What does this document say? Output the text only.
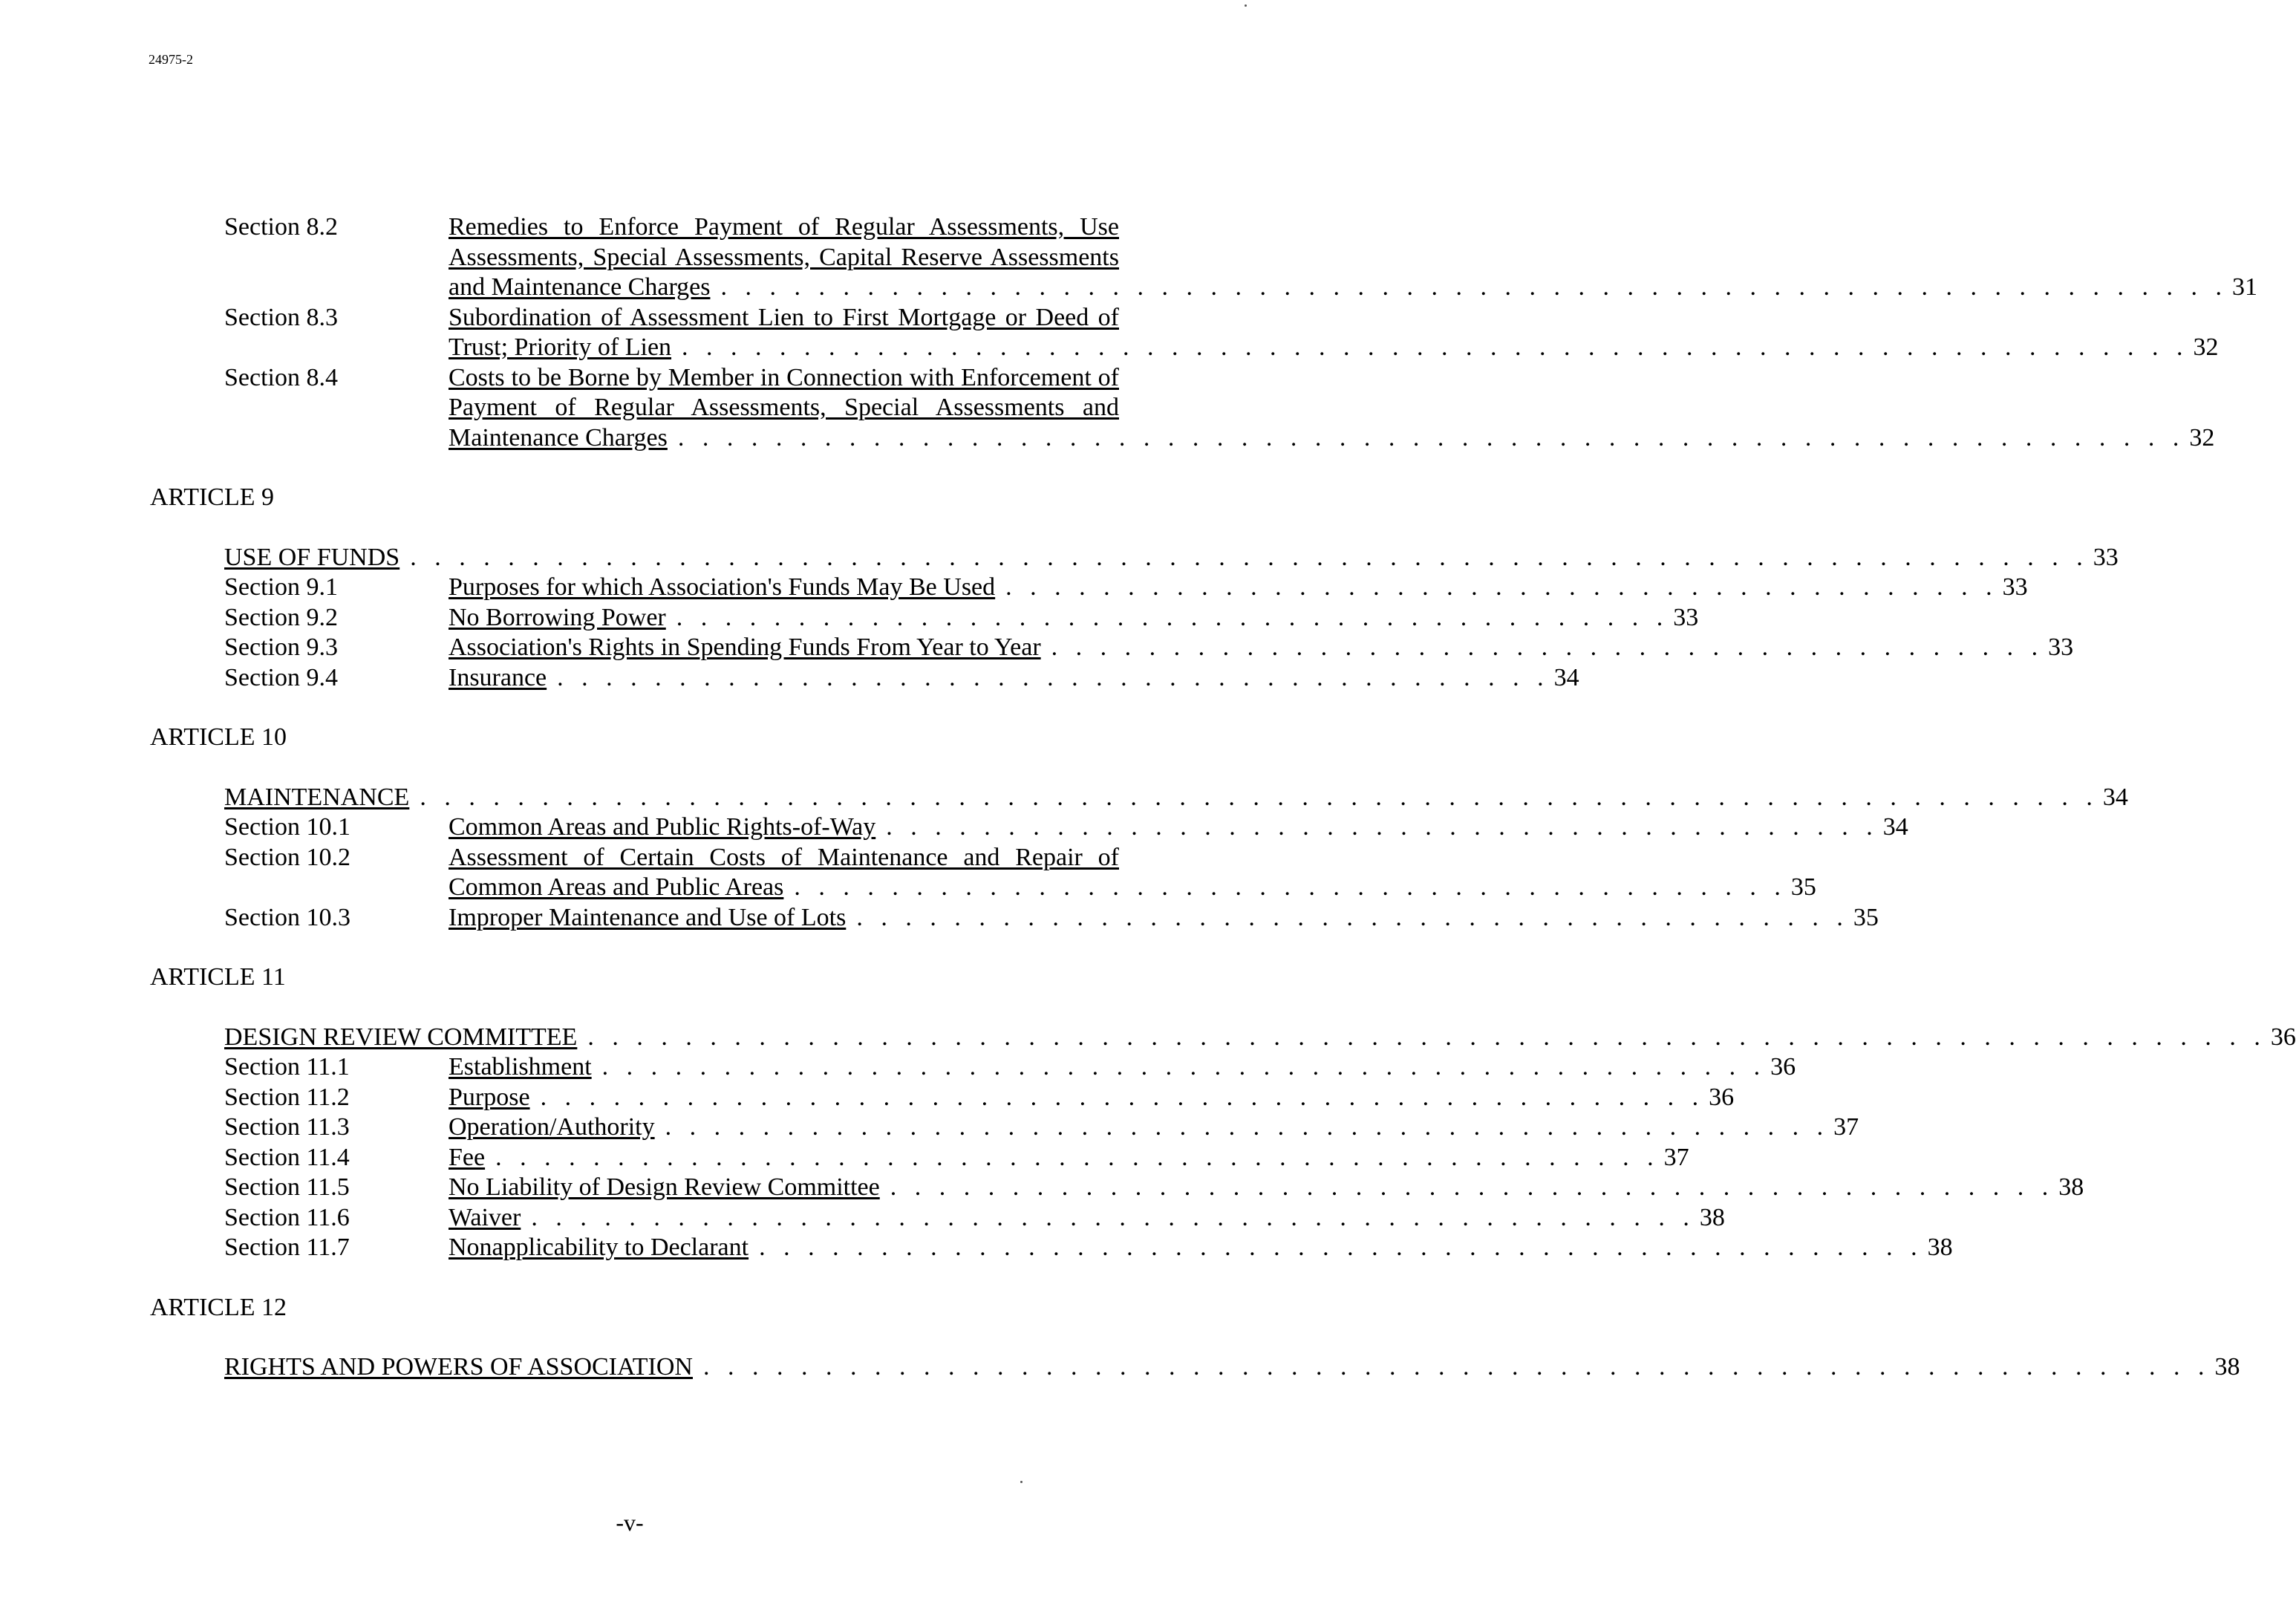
24975-2
Section 8.2	Remedies to Enforce Payment of Regular Assessments, Use
Assessments, Special Assessments, Capital Reserve Assessments
and Maintenance Charges . . . . . . . . . . . . . . . . . . . . . . . . . . . . . . . . . . . . . . . . . . . . . . . . . . . . . . . . . . . . . . 31
Section 8.3	Subordination of Assessment Lien to First Mortgage or Deed of
Trust; Priority of Lien . . . . . . . . . . . . . . . . . . . . . . . . . . . . . . . . . . . . . . . . . . . . . . . . . . . . . . . . . . . . . . 32
Section 8.4	Costs to be Borne by Member in Connection with Enforcement of
Payment of Regular Assessments, Special Assessments and
Maintenance Charges . . . . . . . . . . . . . . . . . . . . . . . . . . . . . . . . . . . . . . . . . . . . . . . . . . . . . . . . . . . . . . 32
ARTICLE 9
USE OF FUNDS . . . . . . . . . . . . . . . . . . . . . . . . . . . . . . . . . . . . . . . . . . . . . . . . . . . . . . . . . . . . . . . . . . . . . 33
Section 9.1	Purposes for which Association's Funds May Be Used . . . . . . . . . . . . . . . . . . . . . . . . . . . . . . . . . . . . . . . . . 33
Section 9.2	No Borrowing Power . . . . . . . . . . . . . . . . . . . . . . . . . . . . . . . . . . . . . . . . . 33
Section 9.3	Association's Rights in Spending Funds From Year to Year . . . . . . . . . . . . . . . . . . . . . . . . . . . . . . . . . . . . . . . . . 33
Section 9.4	Insurance . . . . . . . . . . . . . . . . . . . . . . . . . . . . . . . . . . . . . . . . . 34
ARTICLE 10
MAINTENANCE . . . . . . . . . . . . . . . . . . . . . . . . . . . . . . . . . . . . . . . . . . . . . . . . . . . . . . . . . . . . . . . . . . . . . 34
Section 10.1	Common Areas and Public Rights-of-Way . . . . . . . . . . . . . . . . . . . . . . . . . . . . . . . . . . . . . . . . . 34
Section 10.2	Assessment of Certain Costs of Maintenance and Repair of
Common Areas and Public Areas . . . . . . . . . . . . . . . . . . . . . . . . . . . . . . . . . . . . . . . . . 35
Section 10.3	Improper Maintenance and Use of Lots . . . . . . . . . . . . . . . . . . . . . . . . . . . . . . . . . . . . . . . . . 35
ARTICLE 11
DESIGN REVIEW COMMITTEE . . . . . . . . . . . . . . . . . . . . . . . . . . . . . . . . . . . . . . . . . . . . . . . . . . . . . . . . . . . . . . . . . . . . . 36
Section 11.1	Establishment . . . . . . . . . . . . . . . . . . . . . . . . . . . . . . . . . . . . . . . . . . . . . . . . 36
Section 11.2	Purpose . . . . . . . . . . . . . . . . . . . . . . . . . . . . . . . . . . . . . . . . . . . . . . . . 36
Section 11.3	Operation/Authority . . . . . . . . . . . . . . . . . . . . . . . . . . . . . . . . . . . . . . . . . . . . . . . . 37
Section 11.4	Fee . . . . . . . . . . . . . . . . . . . . . . . . . . . . . . . . . . . . . . . . . . . . . . . . 37
Section 11.5	No Liability of Design Review Committee . . . . . . . . . . . . . . . . . . . . . . . . . . . . . . . . . . . . . . . . . . . . . . . . 38
Section 11.6	Waiver . . . . . . . . . . . . . . . . . . . . . . . . . . . . . . . . . . . . . . . . . . . . . . . . 38
Section 11.7	Nonapplicability to Declarant . . . . . . . . . . . . . . . . . . . . . . . . . . . . . . . . . . . . . . . . . . . . . . . . 38
ARTICLE 12
RIGHTS AND POWERS OF ASSOCIATION . . . . . . . . . . . . . . . . . . . . . . . . . . . . . . . . . . . . . . . . . . . . . . . . . . . . . . . . . . . . . . 38
-v-
